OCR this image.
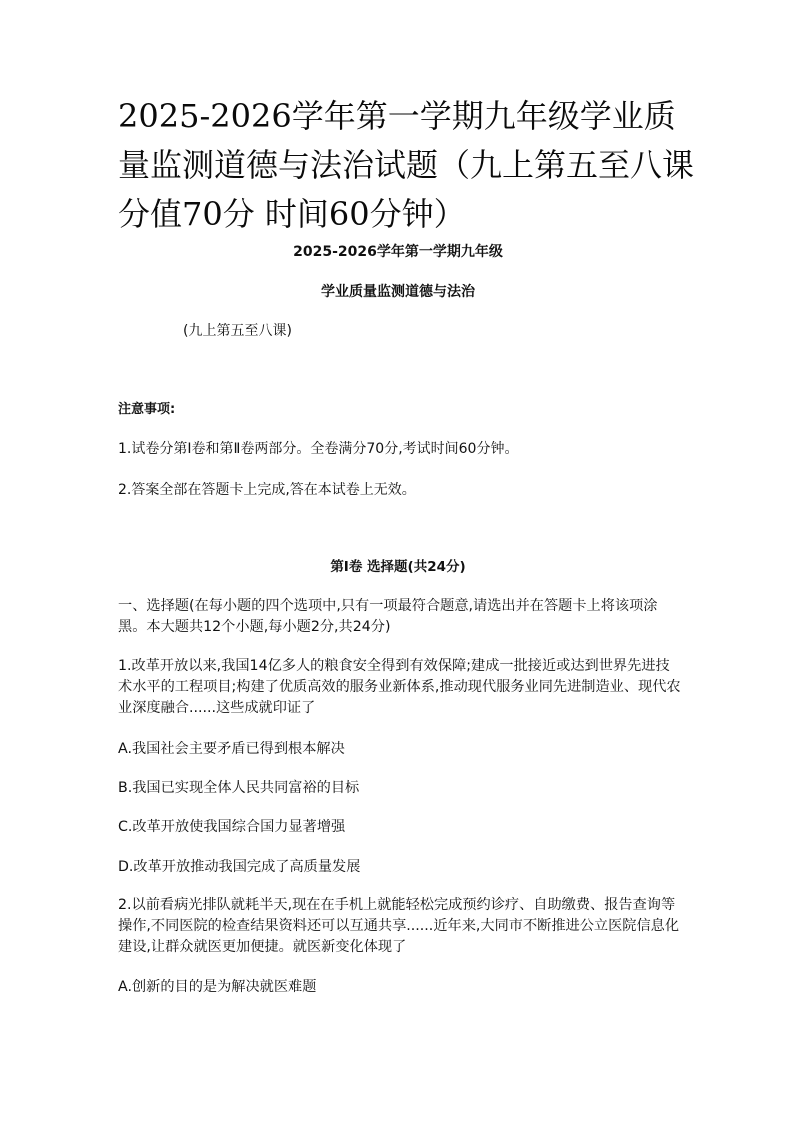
2025-2026学年第一学期九年级学业质量监测道德与法治试题（九上第五至八课 分值70分 时间60分钟）

2025-2026学年第一学期九年级

学业质量监测道德与法治

(九上第五至八课)

注意事项:

1.试卷分第Ⅰ卷和第Ⅱ卷两部分。全卷满分70分,考试时间60分钟。

2.答案全部在答题卡上完成,答在本试卷上无效。

第Ⅰ卷 选择题(共24分)

一、选择题(在每小题的四个选项中,只有一项最符合题意,请选出并在答题卡上将该项涂黑。本大题共12个小题,每小题2分,共24分)

1.改革开放以来,我国14亿多人的粮食安全得到有效保障;建成一批接近或达到世界先进技术水平的工程项目;构建了优质高效的服务业新体系,推动现代服务业同先进制造业、现代农业深度融合......这些成就印证了

A.我国社会主要矛盾已得到根本解决

B.我国已实现全体人民共同富裕的目标

C.改革开放使我国综合国力显著增强

D.改革开放推动我国完成了高质量发展

2.以前看病光排队就耗半天,现在在手机上就能轻松完成预约诊疗、自助缴费、报告查询等操作,不同医院的检查结果资料还可以互通共享......近年来,大同市不断推进公立医院信息化建设,让群众就医更加便捷。就医新变化体现了

A.创新的目的是为解决就医难题
